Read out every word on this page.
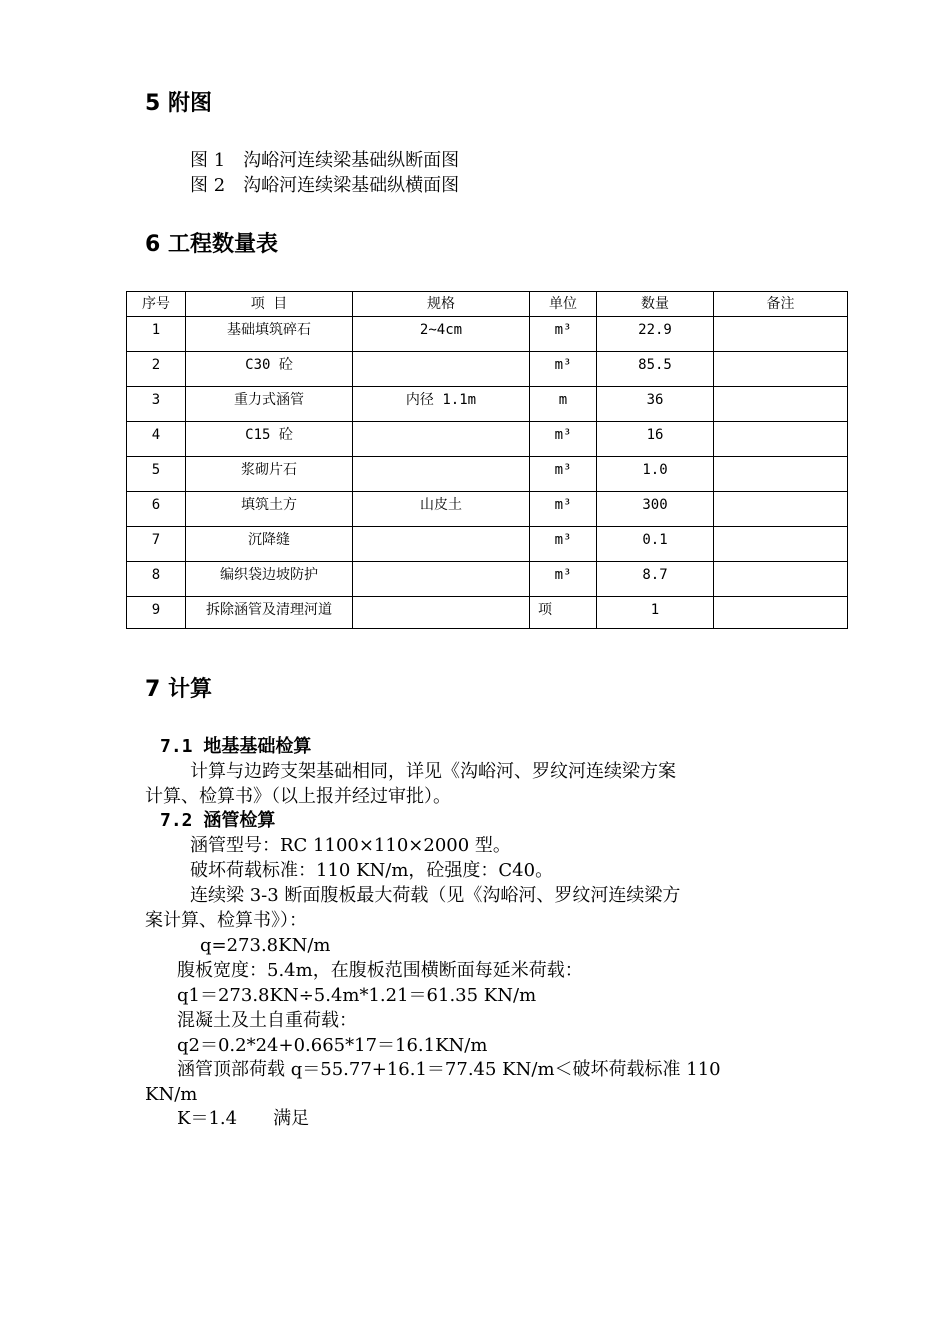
5 附图

图 1　沟峪河连续梁基础纵断面图

图 2　沟峪河连续梁基础纵横面图

6 工程数量表
序号	项 目	规格	单位	数量	备注
1	基础填筑碎石	2~4cm	m³	22.9	
2	C30 砼		m³	85.5	
3	重力式涵管	内径 1.1m	m	36	
4	C15 砼		m³	16	
5	浆砌片石		m³	1.0	
6	填筑土方	山皮土	m³	300	
7	沉降缝		m³	0.1	
8	编织袋边坡防护		m³	8.7	
9	拆除涵管及清理河道		项	1	
7 计算

7.1 地基基础检算

计算与边跨支架基础相同，详见《沟峪河、罗纹河连续梁方案

计算、检算书》（以上报并经过审批）。

7.2 涵管检算

涵管型号：RC 1100×110×2000 型。

破坏荷载标准：110 KN/m，砼强度：C40。

连续梁 3-3 断面腹板最大荷载（见《沟峪河、罗纹河连续梁方

案计算、检算书》）：

q=273.8KN/m

腹板宽度：5.4m，在腹板范围横断面每延米荷载：

q1＝273.8KN÷5.4m*1.21＝61.35 KN/m

混凝土及土自重荷载：

q2＝0.2*24+0.665*17＝16.1KN/m

涵管顶部荷载 q＝55.77+16.1＝77.45 KN/m＜破坏荷载标准 110

KN/m

K＝1.4　　满足
